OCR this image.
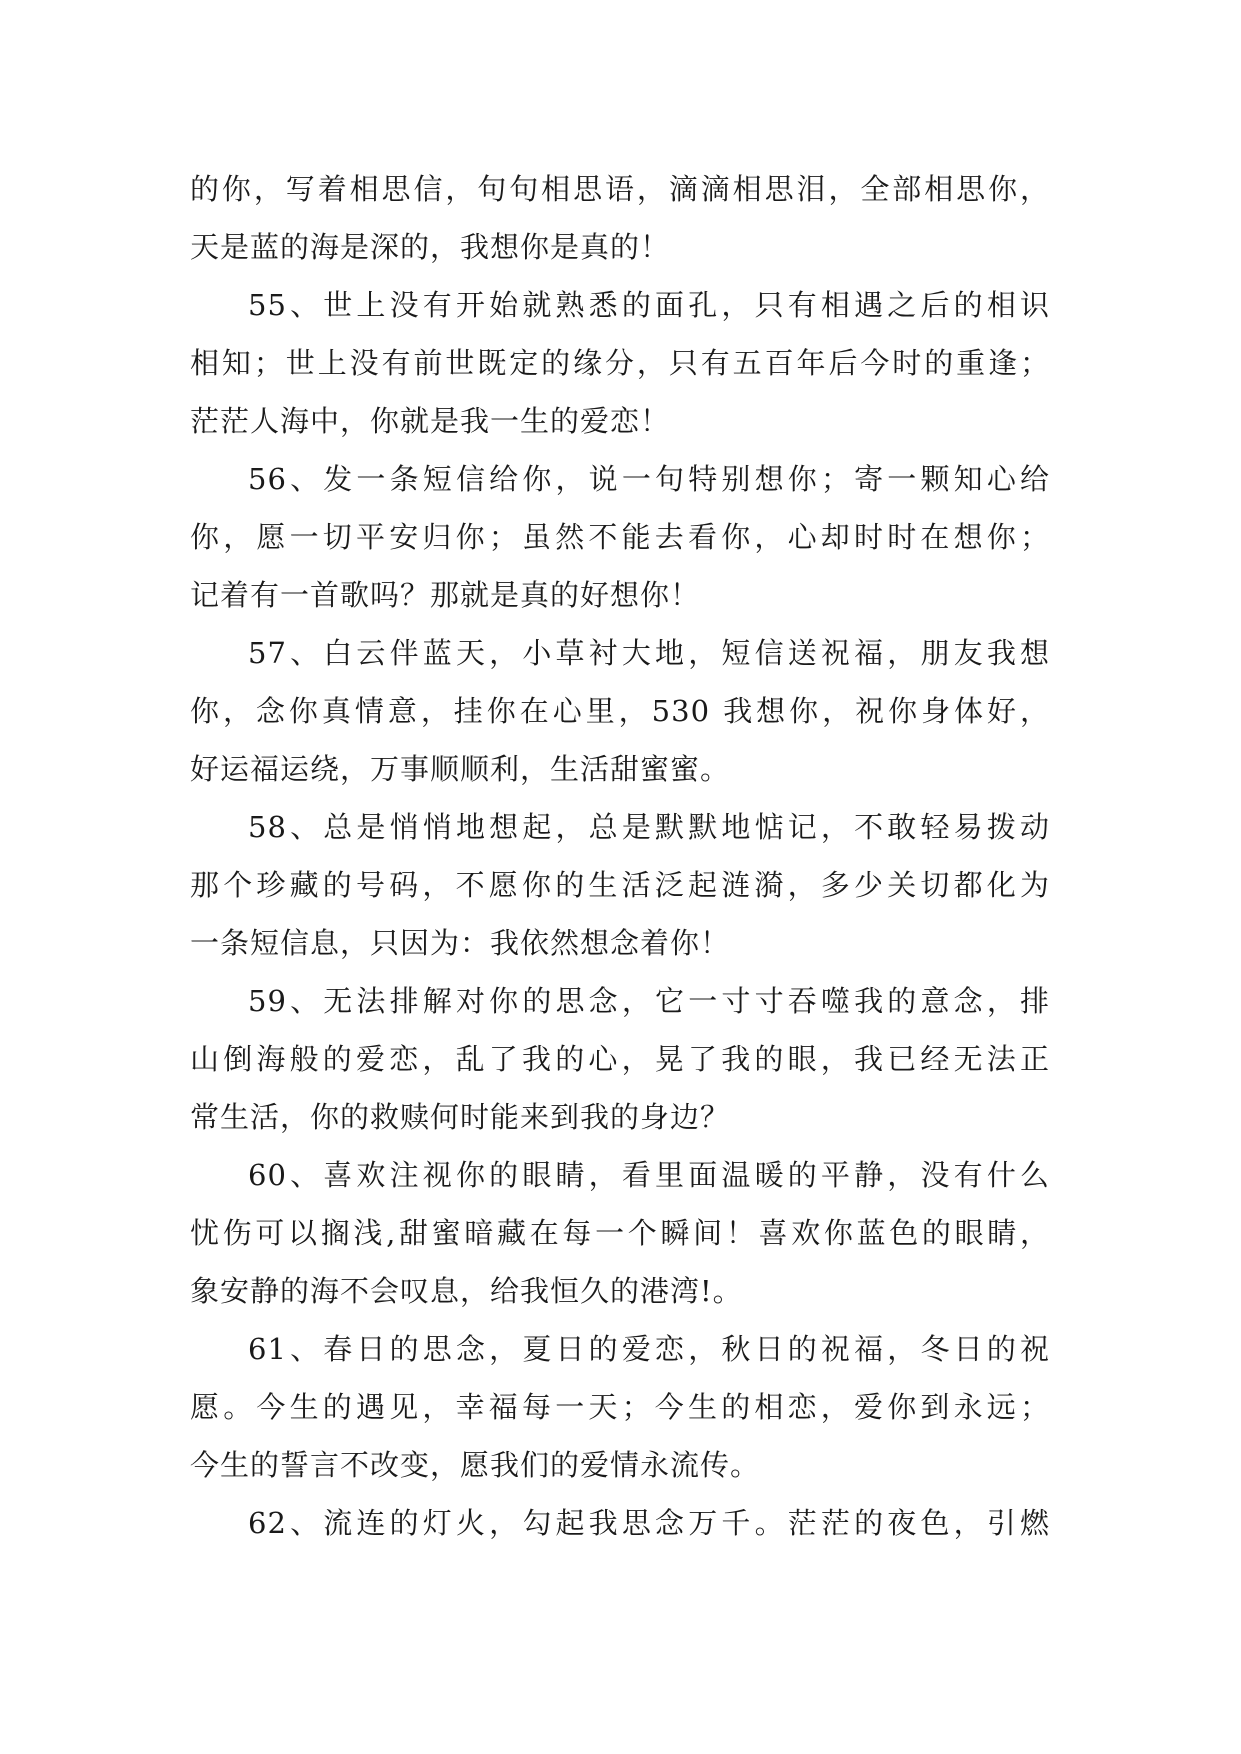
的你，写着相思信，句句相思语，滴滴相思泪，全部相思你，
天是蓝的海是深的，我想你是真的！
55、世上没有开始就熟悉的面孔，只有相遇之后的相识
相知；世上没有前世既定的缘分，只有五百年后今时的重逢；
茫茫人海中，你就是我一生的爱恋！
56、发一条短信给你，说一句特别想你；寄一颗知心给
你，愿一切平安归你；虽然不能去看你，心却时时在想你；
记着有一首歌吗？那就是真的好想你！
57、白云伴蓝天，小草衬大地，短信送祝福，朋友我想
你，念你真情意，挂你在心里，530 我想你，祝你身体好，
好运福运绕，万事顺顺利，生活甜蜜蜜。
58、总是悄悄地想起，总是默默地惦记，不敢轻易拨动
那个珍藏的号码，不愿你的生活泛起涟漪，多少关切都化为
一条短信息，只因为：我依然想念着你！
59、无法排解对你的思念，它一寸寸吞噬我的意念，排
山倒海般的爱恋，乱了我的心，晃了我的眼，我已经无法正
常生活，你的救赎何时能来到我的身边？
60、喜欢注视你的眼睛，看里面温暖的平静，没有什么
忧伤可以搁浅,甜蜜暗藏在每一个瞬间！喜欢你蓝色的眼睛，
象安静的海不会叹息，给我恒久的港湾!。
61、春日的思念，夏日的爱恋，秋日的祝福，冬日的祝
愿。今生的遇见，幸福每一天；今生的相恋，爱你到永远；
今生的誓言不改变，愿我们的爱情永流传。
62、流连的灯火，勾起我思念万千。茫茫的夜色，引燃
